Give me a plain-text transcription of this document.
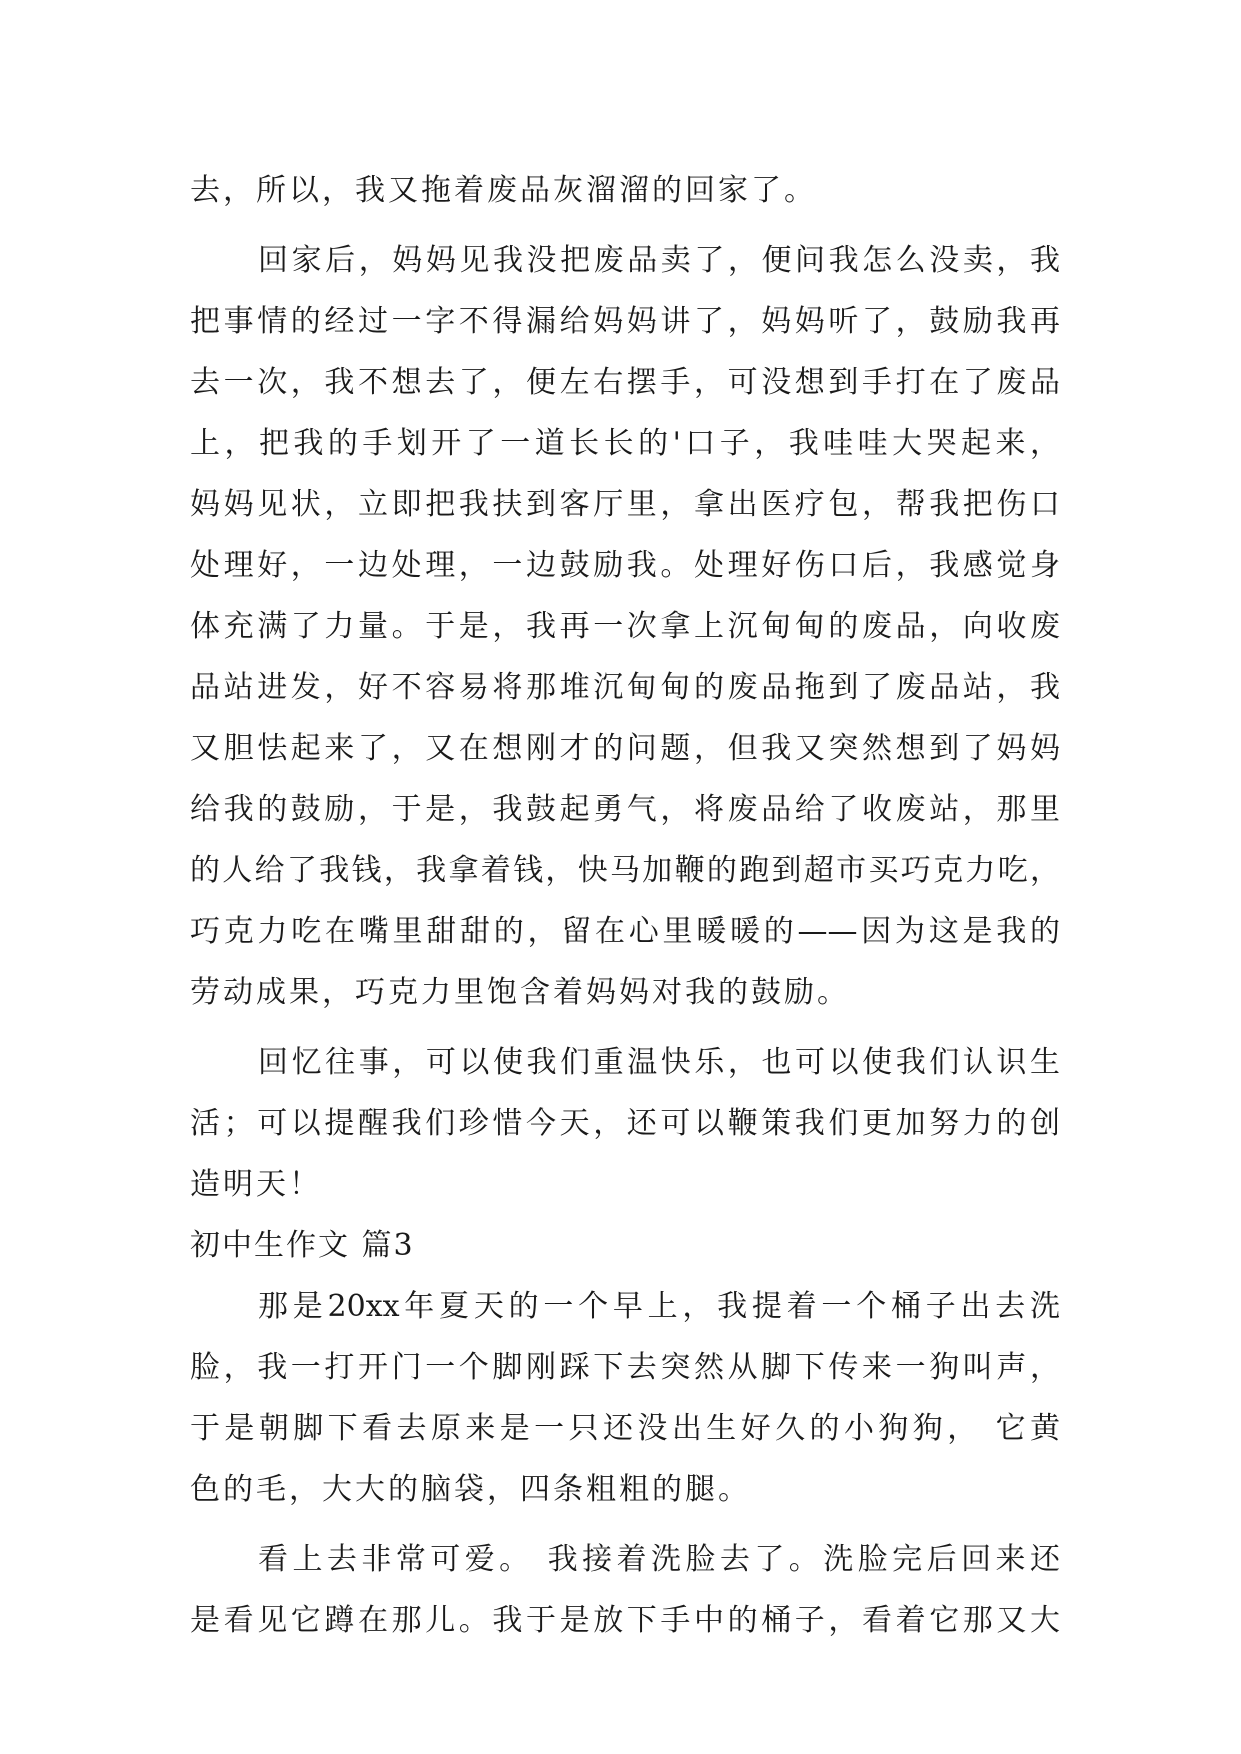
去，所以，我又拖着废品灰溜溜的回家了。
回家后，妈妈见我没把废品卖了，便问我怎么没卖，我
把事情的经过一字不得漏给妈妈讲了，妈妈听了，鼓励我再
去一次，我不想去了，便左右摆手，可没想到手打在了废品
上，把我的手划开了一道长长的'口子，我哇哇大哭起来，
妈妈见状，立即把我扶到客厅里，拿出医疗包，帮我把伤口
处理好，一边处理，一边鼓励我。处理好伤口后，我感觉身
体充满了力量。于是，我再一次拿上沉甸甸的废品，向收废
品站进发，好不容易将那堆沉甸甸的废品拖到了废品站，我
又胆怯起来了，又在想刚才的问题，但我又突然想到了妈妈
给我的鼓励，于是，我鼓起勇气，将废品给了收废站，那里
的人给了我钱，我拿着钱，快马加鞭的跑到超市买巧克力吃，
巧克力吃在嘴里甜甜的，留在心里暖暖的——因为这是我的
劳动成果，巧克力里饱含着妈妈对我的鼓励。
回忆往事，可以使我们重温快乐，也可以使我们认识生
活；可以提醒我们珍惜今天，还可以鞭策我们更加努力的创
造明天！
初中生作文 篇3
那是20xx年夏天的一个早上，我提着一个桶子出去洗
脸，我一打开门一个脚刚踩下去突然从脚下传来一狗叫声，
于是朝脚下看去原来是一只还没出生好久的小狗狗， 它黄
色的毛，大大的脑袋，四条粗粗的腿。
看上去非常可爱。 我接着洗脸去了。洗脸完后回来还
是看见它蹲在那儿。我于是放下手中的桶子，看着它那又大
